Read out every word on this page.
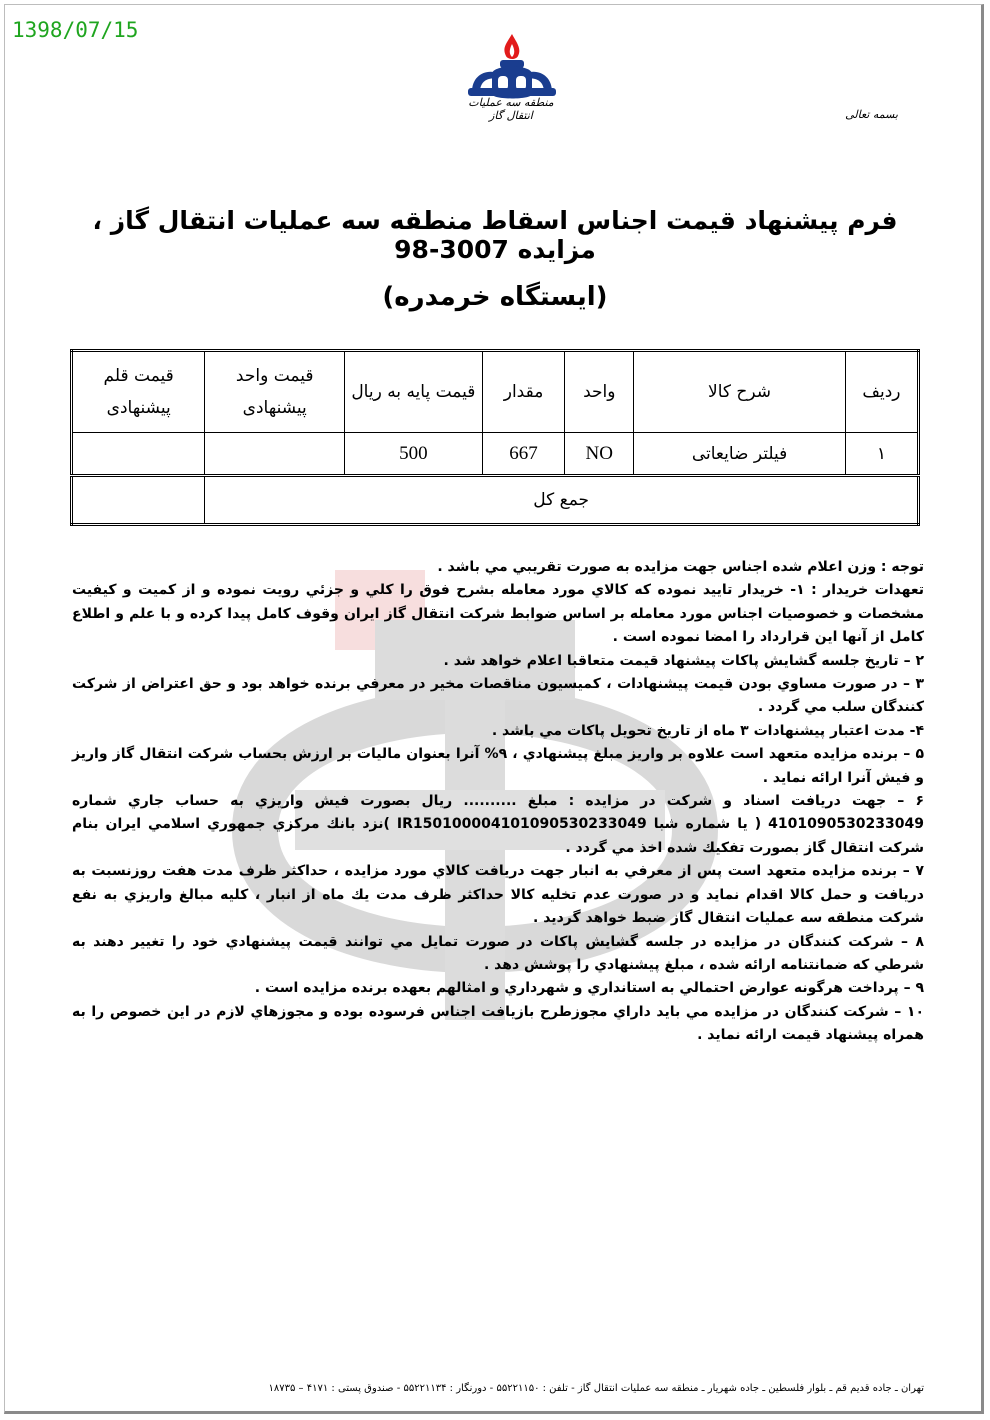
1398/07/15
منطقه سه عملیات انتقال گاز	بسمه تعالی
فرم پیشنهاد قیمت اجناس اسقاط منطقه سه عملیات انتقال گاز ، مزایده 3007-98
(ایستگاه خرمدره)
ردیف	شرح کالا	واحد	مقدار	قیمت پایه به ریال	قیمت واحد پیشنهادی	قیمت قلم پیشنهادی
۱	فیلتر ضایعاتی	NO	667	500		
جمع کل						

توجه : وزن اعلام شده اجناس جهت مزايده به صورت تقريبي مي باشد .

تعهدات خريدار : ۱- خريدار تاييد نموده كه كالاي مورد معامله بشرح فوق را كلي و جزئي رويت نموده و از كميت و كيفيت مشخصات و خصوصيات اجناس مورد معامله بر اساس ضوابط شركت انتقال گاز ايران وقوف كامل پيدا كرده و با علم و اطلاع كامل از آنها اين قرارداد را امضا نموده است .

۲ – تاريخ جلسه گشايش پاكات پيشنهاد قيمت متعاقبا اعلام خواهد شد .

۳ – در صورت مساوي بودن قيمت پيشنهادات ، كميسيون مناقصات مخير در معرفي برنده خواهد بود و حق اعتراض از شركت كنندگان سلب مي گردد .

۴- مدت اعتبار پيشنهادات ۳ ماه از تاريخ تحويل پاكات مي باشد .

۵ – برنده مزايده متعهد است علاوه بر واريز مبلغ پيشنهادي ، ۹% آنرا بعنوان ماليات بر ارزش بحساب شركت انتقال گاز واريز و فيش آنرا ارائه نمايد .

۶ – جهت دريافت اسناد و شركت در مزايده : مبلغ .......... ريال بصورت فيش واريزي به حساب جاري شماره 4101090530233049 ( يا شماره شبا IR150100004101090530233049 )نزد بانك مركزي جمهوري اسلامي ايران بنام شركت انتقال گاز بصورت تفكيك شده اخذ مي گردد .

۷ – برنده مزايده متعهد است پس از معرفي به انبار جهت دريافت كالاي مورد مزايده ، حداكثر ظرف مدت هفت روزنسبت به دريافت و حمل كالا اقدام نمايد و در صورت عدم تخليه كالا حداكثر ظرف مدت يك ماه از انبار ، كليه مبالغ واريزي به نفع شركت منطقه سه عمليات انتقال گاز ضبط خواهد گرديد .

۸ – شركت كنندگان در مزايده در جلسه گشايش پاكات در صورت تمايل مي توانند قيمت پيشنهادي خود را تغيير دهند به شرطي كه ضمانتنامه ارائه شده ، مبلغ پيشنهادي را پوشش دهد .

۹ – پرداخت هرگونه عوارض احتمالي به استانداري و شهرداري و امثالهم بعهده برنده مزايده است .

۱۰ – شركت كنندگان در مزايده مي بايد داراي مجوزطرح بازيافت اجناس فرسوده بوده و مجوزهاي لازم در اين خصوص را به همراه پيشنهاد قيمت ارائه نمايد .

تهران ـ جاده قدیم قم ـ بلوار فلسطین ـ جاده شهریار ـ منطقه سه عملیات انتقال گاز - تلفن : ۵۵۲۲۱۱۵۰ - دورنگار : ۵۵۲۲۱۱۳۴ - صندوق پستی : ۴۱۷۱ – ۱۸۷۳۵
